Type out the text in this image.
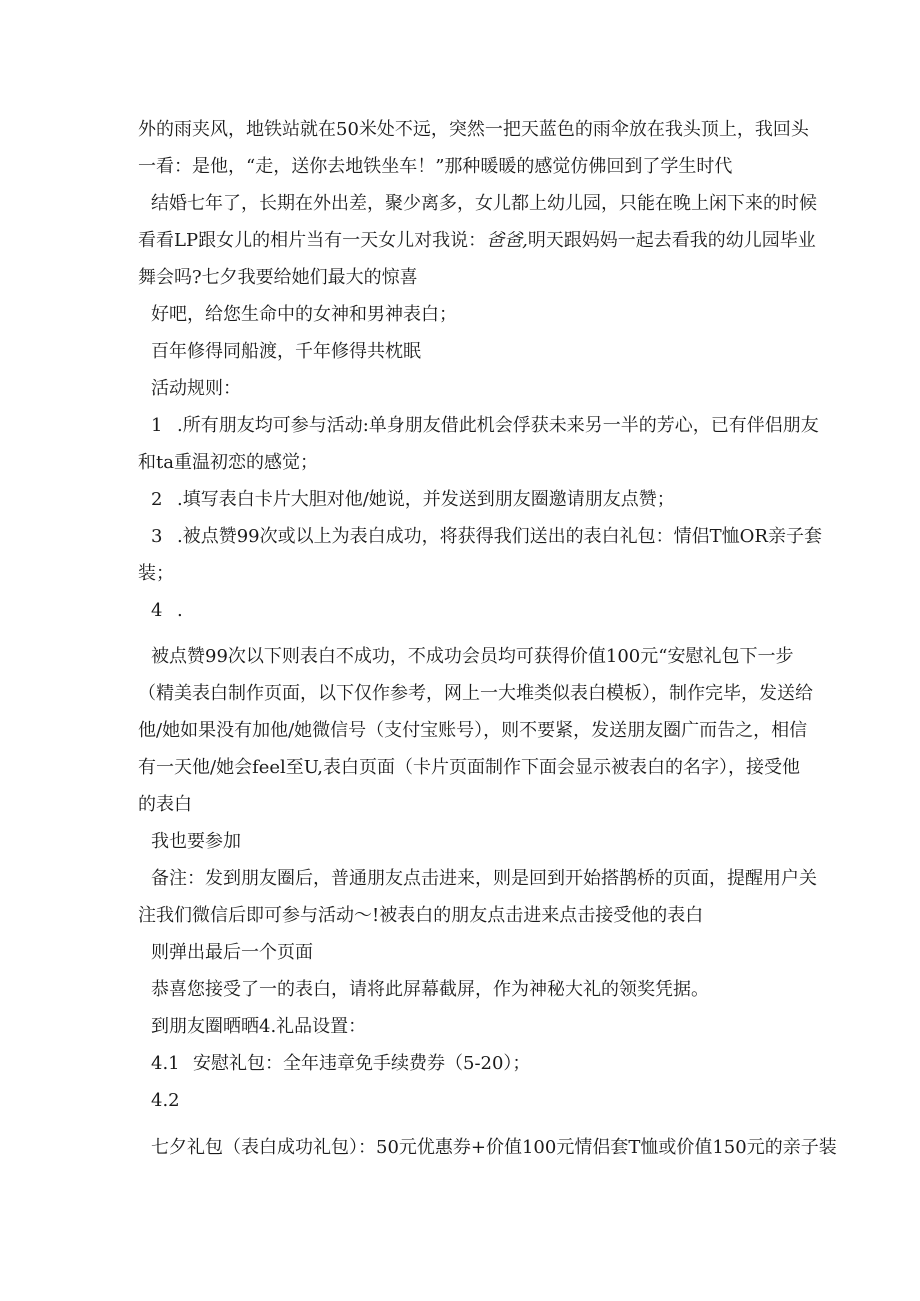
外的雨夹风，地铁站就在50米处不远，突然一把天蓝色的雨伞放在我头顶上，我回头
一看：是他，“走，送你去地铁坐车！”那种暖暖的感觉仿佛回到了学生时代
结婚七年了，长期在外出差，聚少离多，女儿都上幼儿园，只能在晚上闲下来的时候
看看LP跟女儿的相片当有一天女儿对我说：爸爸,明天跟妈妈一起去看我的幼儿园毕业
舞会吗?七夕我要给她们最大的惊喜
好吧，给您生命中的女神和男神表白；
百年修得同船渡，千年修得共枕眠
活动规则：
1 .所有朋友均可参与活动:单身朋友借此机会俘获未来另一半的芳心，已有伴侣朋友
和ta重温初恋的感觉；
2 .填写表白卡片大胆对他/她说，并发送到朋友圈邀请朋友点赞；
3 .被点赞99次或以上为表白成功，将获得我们送出的表白礼包：情侣T恤OR亲子套
装；
4 .
被点赞99次以下则表白不成功，不成功会员均可获得价值100元“安慰礼包下一步
（精美表白制作页面，以下仅作参考，网上一大堆类似表白模板），制作完毕，发送给
他/她如果没有加他/她微信号（支付宝账号），则不要紧，发送朋友圈广而告之，相信
有一天他/她会feel至U,表白页面（卡片页面制作下面会显示被表白的名字），接受他
的表白
我也要参加
备注：发到朋友圈后，普通朋友点击进来，则是回到开始搭鹊桥的页面，提醒用户关
注我们微信后即可参与活动～!被表白的朋友点击进来点击接受他的表白
则弹出最后一个页面
恭喜您接受了一的表白，请将此屏幕截屏，作为神秘大礼的领奖凭据。
到朋友圈晒晒4.礼品设置：
4.1 安慰礼包：全年违章免手续费券（5-20）；
4.2
七夕礼包（表白成功礼包）：50元优惠券+价值100元情侣套T恤或价值150元的亲子装
